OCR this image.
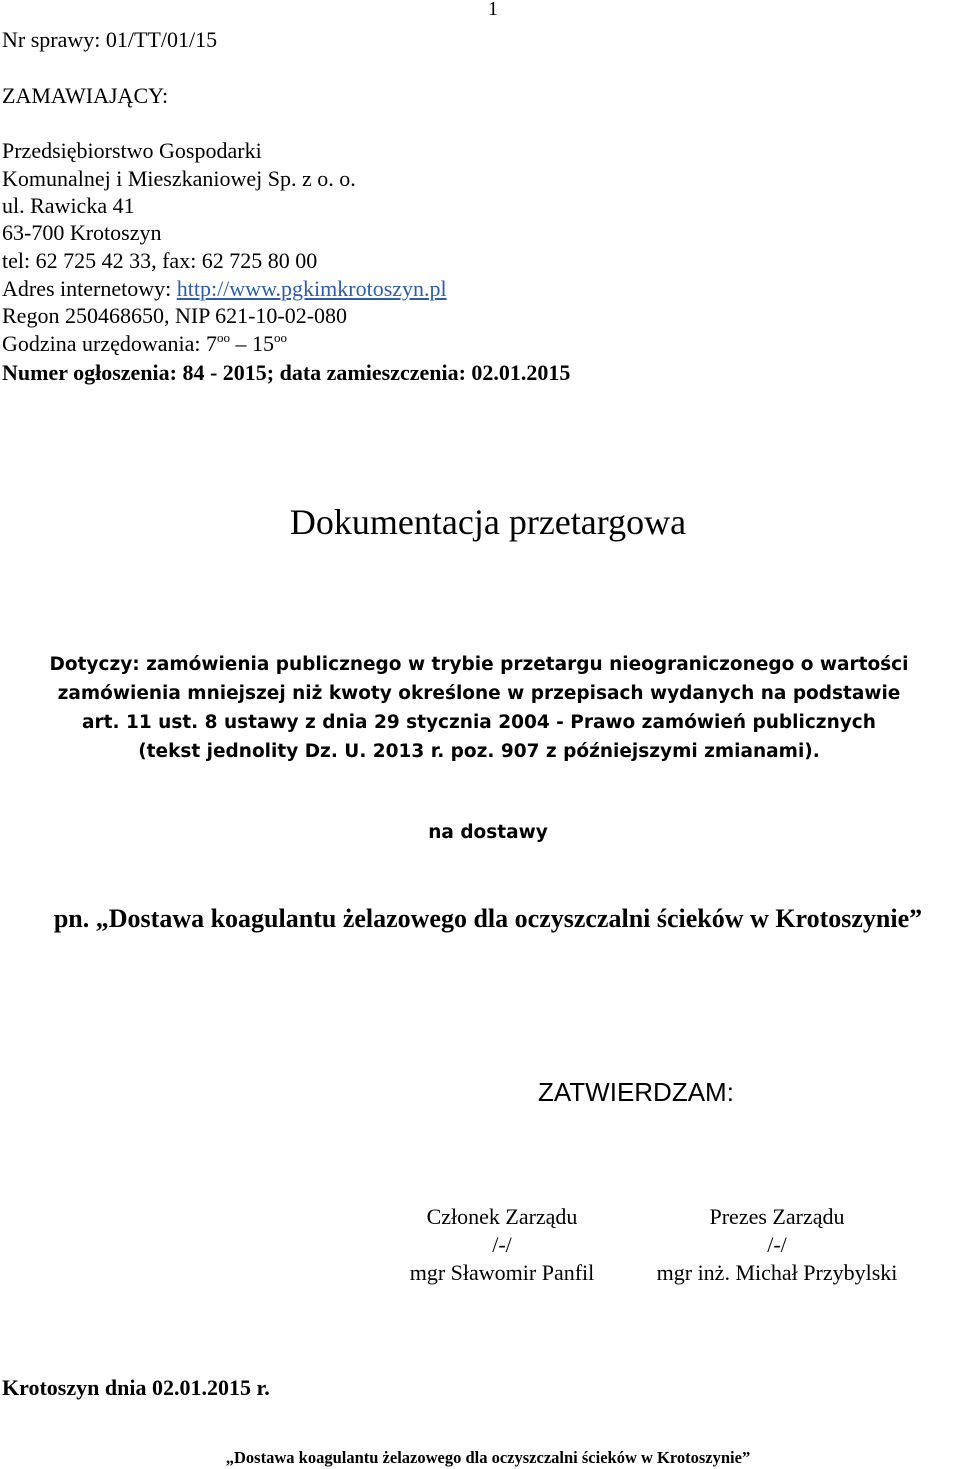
1
Nr sprawy: 01/TT/01/15
ZAMAWIAJĄCY:
Przedsiębiorstwo Gospodarki
Komunalnej i Mieszkaniowej Sp. z o. o.
ul. Rawicka 41
63-700 Krotoszyn
tel: 62 725 42 33, fax: 62 725 80 00
Adres internetowy: http://www.pgkimkrotoszyn.pl
Regon 250468650, NIP 621-10-02-080
Godzina urzędowania: $7^{oo} - 15^{oo}$
Numer ogłoszenia: 84 - 2015; data zamieszczenia: 02.01.2015
Dokumentacja przetargowa
Dotyczy: zamówienia publicznego w trybie przetargu nieograniczonego o wartości zamówienia mniejszej niż kwoty określone w przepisach wydanych na podstawie art. 11 ust. 8 ustawy z dnia 29 stycznia 2004 - Prawo zamówień publicznych (tekst jednolity Dz. U. 2013 r. poz. 907 z późniejszymi zmianami).
na dostawy
pn. „Dostawa koagulantu żelazowego dla oczyszczalni ścieków w Krotoszynie”
ZATWIERDZAM:
Członek Zarządu
/-/
mgr Sławomir Panfil
Prezes Zarządu
/-/
mgr inż. Michał Przybylski
Krotoszyn dnia 02.01.2015 r.
„Dostawa koagulantu żelazowego dla oczyszczalni ścieków w Krotoszynie”
